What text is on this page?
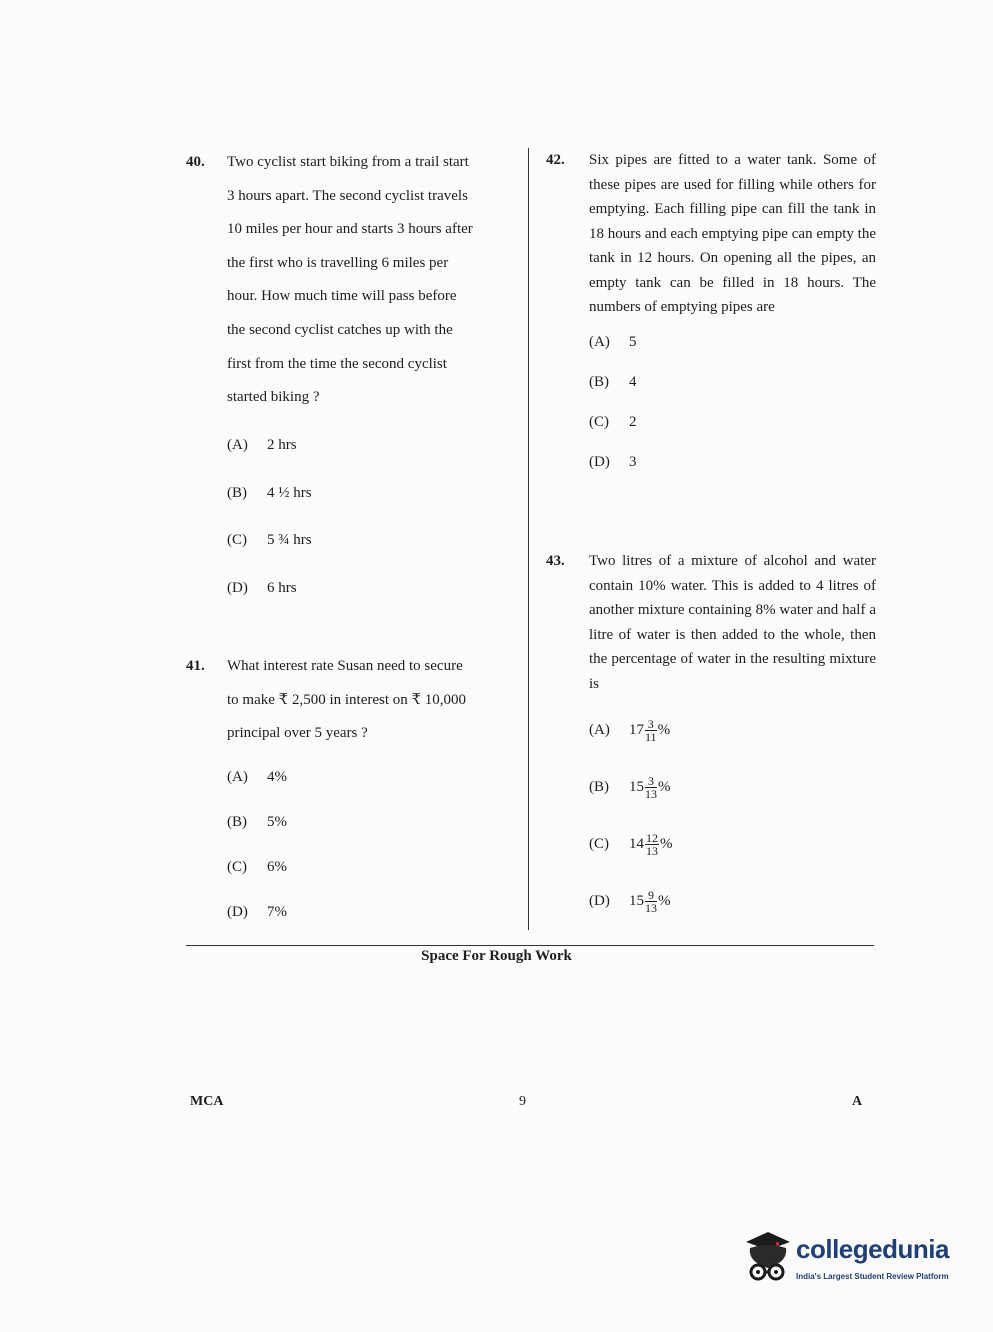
40. Two cyclist start biking from a trail start
3 hours apart. The second cyclist travels
10 miles per hour and starts 3 hours after
the first who is travelling 6 miles per
hour. How much time will pass before
the second cyclist catches up with the
first from the time the second cyclist
started biking ?
(A) 2 hrs
(B) 4 ½ hrs
(C) 5 ¾ hrs
(D) 6 hrs
41. What interest rate Susan need to secure
to make ₹ 2,500 in interest on ₹ 10,000
principal over 5 years ?
(A) 4%
(B) 5%
(C) 6%
(D) 7%
42. Six pipes are fitted to a water tank. Some of these pipes are used for filling while others for emptying. Each filling pipe can fill the tank in 18 hours and each emptying pipe can empty the tank in 12 hours. On opening all the pipes, an empty tank can be filled in 18 hours. The numbers of emptying pipes are
(A) 5
(B) 4
(C) 2
(D) 3
43. Two litres of a mixture of alcohol and water contain 10% water. This is added to 4 litres of another mixture containing 8% water and half a litre of water is then added to the whole, then the percentage of water in the resulting mixture is
(A) $17 \frac{3}{11}$ %
(B) $15 \frac{3}{13}$ %
(C) $14 \frac{12}{13}$ %
(D) $15 \frac{9}{13}$ %
Space For Rough Work
MCA	9	A
collegedunia
India's Largest Student Review Platform
